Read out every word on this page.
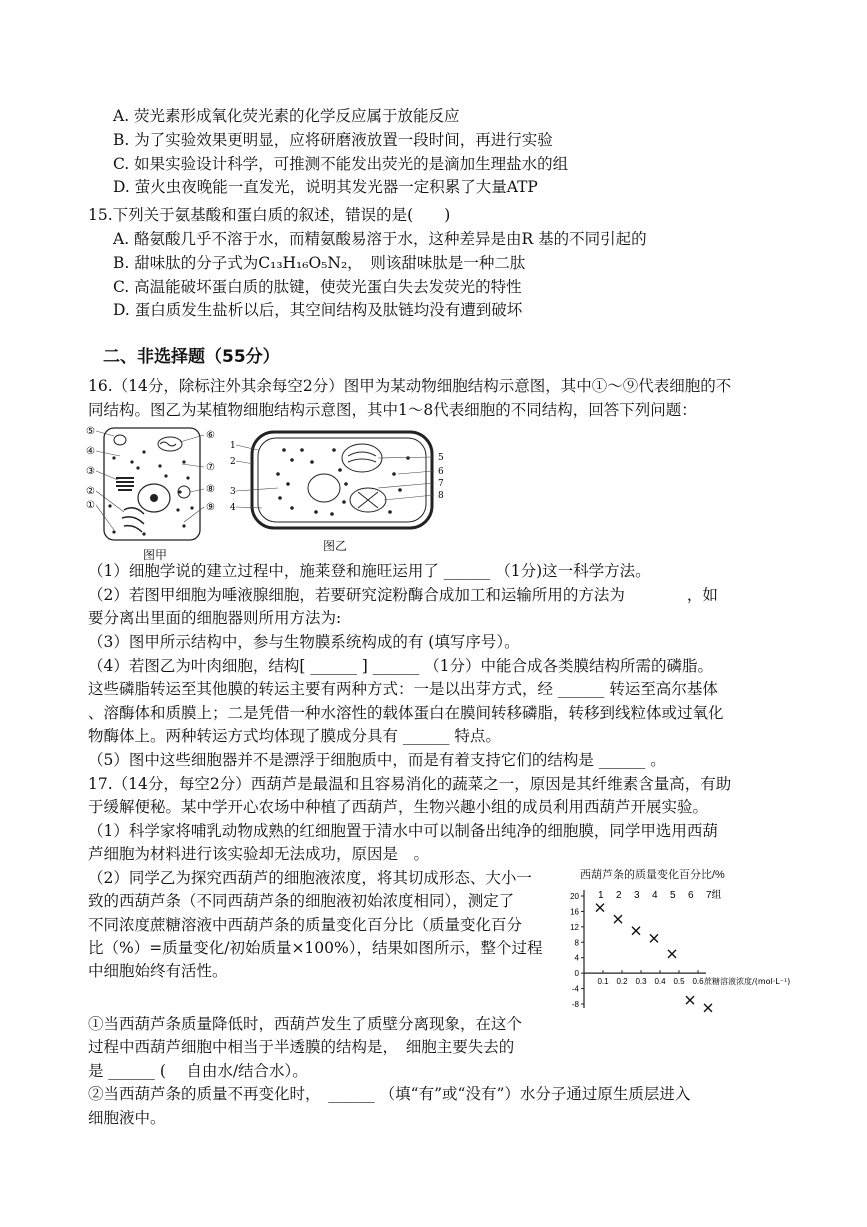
A. 荧光素形成氧化荧光素的化学反应属于放能反应
B. 为了实验效果更明显，应将研磨液放置一段时间，再进行实验
C. 如果实验设计科学，可推测不能发出荧光的是滴加生理盐水的组
D. 萤火虫夜晚能一直发光，说明其发光器一定积累了大量ATP
15.下列关于氨基酸和蛋白质的叙述，错误的是(　　)
A. 酪氨酸几乎不溶于水，而精氨酸易溶于水，这种差异是由R 基的不同引起的
B. 甜味肽的分子式为C₁₃H₁₆O₅N₂，　则该甜味肽是一种二肽
C. 高温能破坏蛋白质的肽键，使荧光蛋白失去发荧光的特性
D. 蛋白质发生盐析以后，其空间结构及肽链均没有遭到破坏
二、非选择题（55分）
16.（14分，除标注外其余每空2分）图甲为某动物细胞结构示意图，其中①～⑨代表细胞的不
同结构。图乙为某植物细胞结构示意图，其中1～8代表细胞的不同结构，回答下列问题：
⑤
④
③
②
①
⑥
⑦
⑧
⑨
图甲
1
2
3
4
5
6
7
8
图乙
（1）细胞学说的建立过程中，施莱登和施旺运用了 ______ （1分)这一科学方法。
（2）若图甲细胞为唾液腺细胞，若要研究淀粉酶合成加工和运输所用的方法为　　　　，如
要分离出里面的细胞器则所用方法为:
（3）图甲所示结构中，参与生物膜系统构成的有 (填写序号）。
（4）若图乙为叶肉细胞，结构[ ______ ] ______ （1分）中能合成各类膜结构所需的磷脂。
这些磷脂转运至其他膜的转运主要有两种方式：一是以出芽方式，经 ______ 转运至高尔基体
、溶酶体和质膜上；二是凭借一种水溶性的载体蛋白在膜间转移磷脂，转移到线粒体或过氧化
物酶体上。两种转运方式均体现了膜成分具有 ______ 特点。
（5）图中这些细胞器并不是漂浮于细胞质中，而是有着支持它们的结构是 ______ 。
17.（14分，每空2分）西葫芦是最温和且容易消化的蔬菜之一，原因是其纤维素含量高，有助
于缓解便秘。某中学开心农场中种植了西葫芦，生物兴趣小组的成员利用西葫芦开展实验。
（1）科学家将哺乳动物成熟的红细胞置于清水中可以制备出纯净的细胞膜，同学甲选用西葫
芦细胞为材料进行该实验却无法成功，原因是　。
（2）同学乙为探究西葫芦的细胞液浓度，将其切成形态、大小一
致的西葫芦条（不同西葫芦条的细胞液初始浓度相同），测定了
不同浓度蔗糖溶液中西葫芦条的质量变化百分比（质量变化百分
比（%）=质量变化/初始质量×100%），结果如图所示，整个过程
中细胞始终有活性。
①当西葫芦条质量降低时，西葫芦发生了质壁分离现象，在这个
过程中西葫芦细胞中相当于半透膜的结构是，　细胞主要失去的
是 ______ ( 　自由水/结合水）。
②当西葫芦条的质量不再变化时，　______ （填“有”或“没有”）水分子通过原生质层进入
细胞液中。
西葫芦条的质量变化百分比/%
20
16
12
8
4
0
-4
-8
0.1 0.2 0.3 0.4 0.5 0.6 蔗糖溶液浓度/(mol·L⁻¹)
1 2 3 4 5 6 7组
